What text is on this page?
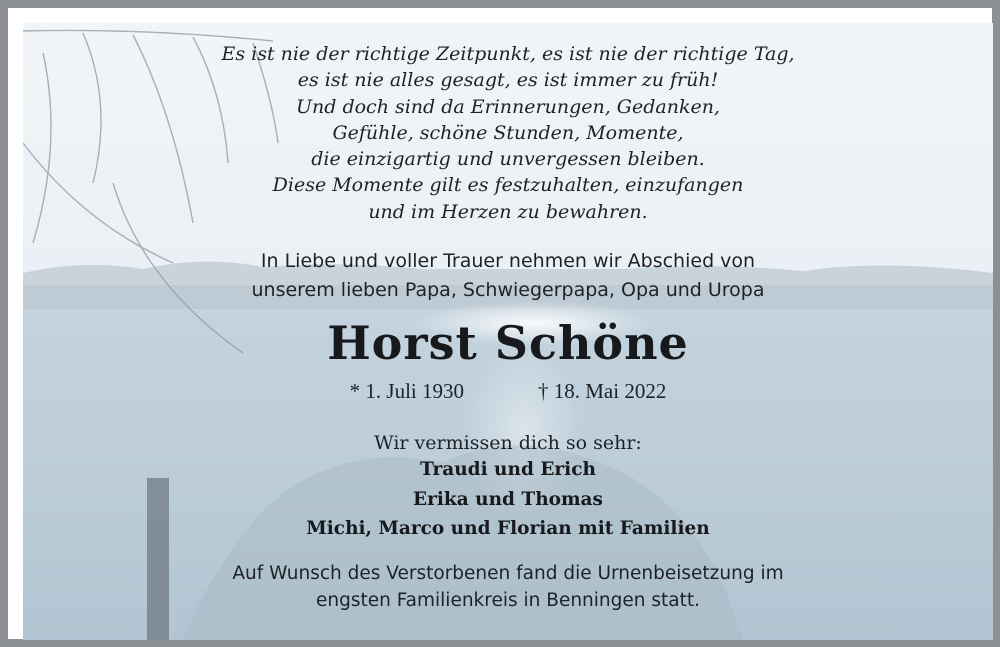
Es ist nie der richtige Zeitpunkt, es ist nie der richtige Tag,
es ist nie alles gesagt, es ist immer zu früh!
Und doch sind da Erinnerungen, Gedanken,
Gefühle, schöne Stunden, Momente,
die einzigartig und unvergessen bleiben.
Diese Momente gilt es festzuhalten, einzufangen
und im Herzen zu bewahren.
In Liebe und voller Trauer nehmen wir Abschied von
unserem lieben Papa, Schwiegerpapa, Opa und Uropa
Horst Schöne
* 1. Juli 1930	† 18. Mai 2022
Wir vermissen dich so sehr:
Traudi und Erich
Erika und Thomas
Michi, Marco und Florian mit Familien
Auf Wunsch des Verstorbenen fand die Urnenbeisetzung im
engsten Familienkreis in Benningen statt.
